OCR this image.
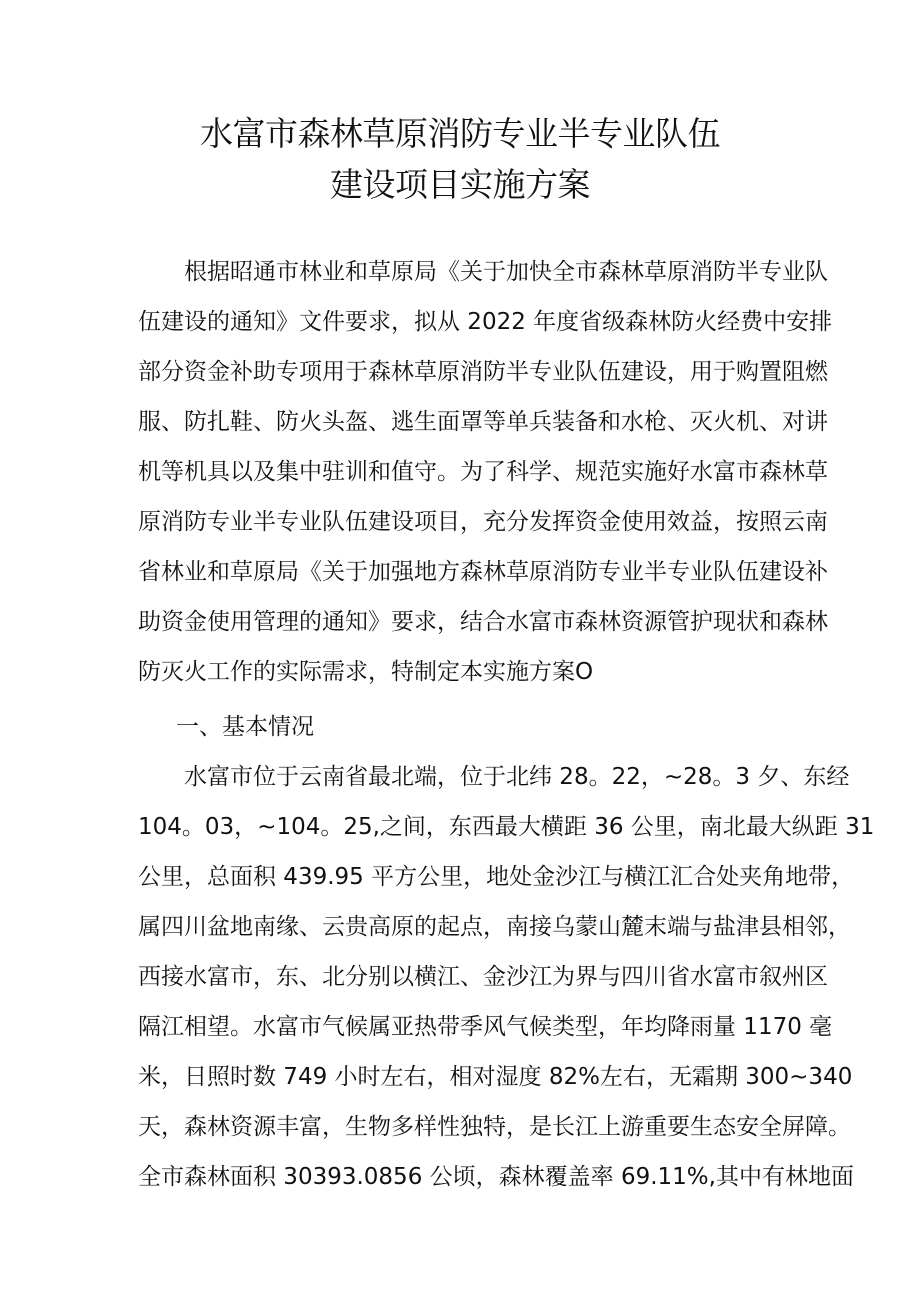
水富市森林草原消防专业半专业队伍
建设项目实施方案

根据昭通市林业和草原局《关于加快全市森林草原消防半专业队

伍建设的通知》文件要求，拟从 2022 年度省级森林防火经费中安排

部分资金补助专项用于森林草原消防半专业队伍建设，用于购置阻燃

服、防扎鞋、防火头盔、逃生面罩等单兵装备和水枪、灭火机、对讲

机等机具以及集中驻训和值守。为了科学、规范实施好水富市森林草

原消防专业半专业队伍建设项目，充分发挥资金使用效益，按照云南

省林业和草原局《关于加强地方森林草原消防专业半专业队伍建设补

助资金使用管理的通知》要求，结合水富市森林资源管护现状和森林

防灭火工作的实际需求，特制定本实施方案O

一、基本情况

水富市位于云南省最北端，位于北纬 28。22，~28。3 夕、东经

104。03，~104。25,之间，东西最大横距 36 公里，南北最大纵距 31

公里，总面积 439.95 平方公里，地处金沙江与横江汇合处夹角地带，

属四川盆地南缘、云贵高原的起点，南接乌蒙山麓末端与盐津县相邻，

西接水富市，东、北分别以横江、金沙江为界与四川省水富市叙州区

隔江相望。水富市气候属亚热带季风气候类型，年均降雨量 1170 毫

米，日照时数 749 小时左右，相对湿度 82%左右，无霜期 300~340

天，森林资源丰富，生物多样性独特，是长江上游重要生态安全屏障。

全市森林面积 30393.0856 公顷，森林覆盖率 69.11%,其中有林地面
